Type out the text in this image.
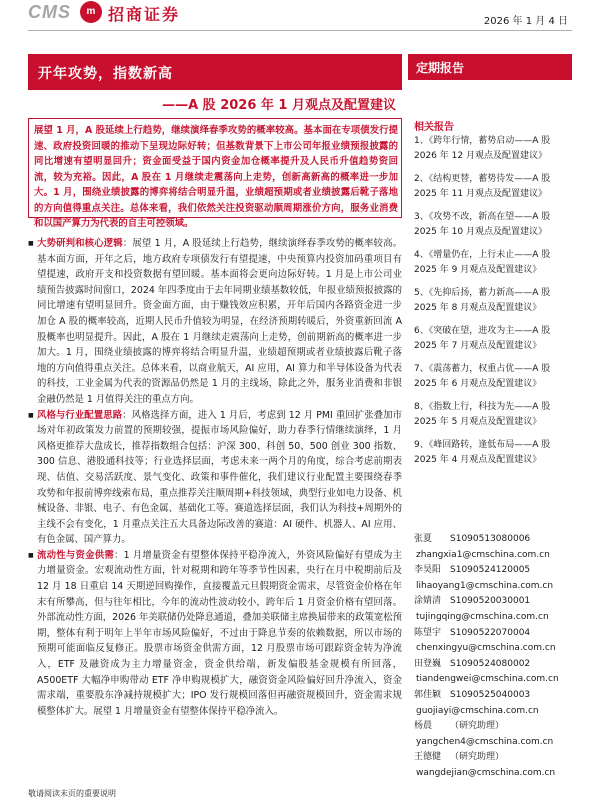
CMS	m 招商证券	2026 年 1 月 4 日
开年攻势，指数新高	定期报告
——A 股 2026 年 1 月观点及配置建议

展望 1 月，A 股延续上行趋势，继续演绎春季攻势的概率较高。基本面在专项债发行提速、政府投资回暖的推动下呈现边际好转；但基数背景下上市公司年报业绩预报披露的同比增速有望明显回升；资金面受益于国内资金加仓概率提升及人民币升值趋势资回流，较为充裕。因此，A 股在 1 月继续走震荡向上走势，创新高新高的概率进一步加大。1 月，围绕业绩披露的博弈将结合明显升温，业绩超预期或者业绩披露后靴子落地的方向值得重点关注。总体来看，我们依然关注投资驱动顺周期涨价方向，服务业消费和以国产算力为代表的自主可控领域。

■ 大势研判和核心逻辑：展望 1 月，A 股延续上行趋势，继续演绎春季攻势的概率较高。基本面方面，开年之后，地方政府专项债发行有望提速，中央预算内投资加码重项目有望提速，政府开支和投资数据有望回暖。基本面将会更向边际好转。1 月是上市公司业绩预告披露时间窗口，2024 年四季度由于去年同期业绩基数较低，年报业绩预报披露的同比增速有望明显回升。资金面方面，由于赚钱效应积累，开年后国内各路资金进一步加仓 A 股的概率较高，近期人民币升值较为明显，在经济预期转暖后，外资重新回流 A 股概率也明显提升。因此，A 股在 1 月继续走震荡向上走势，创前期新高的概率进一步加大。1 月，围绕业绩披露的博弈将结合明显升温，业绩超预期或者业绩披露后靴子落地的方向值得重点关注。总体来看，以商业航天，AI 应用，AI 算力和半导体设备为代表的科技，工业金属为代表的资源品仍然是 1 月的主线场，除此之外，服务业消费和非银金融仍然是 1 月值得关注的重点方向。

■ 风格与行业配置思路：风格选择方面，进入 1 月后，考虑到 12 月 PMI 重回扩张叠加市场对年初政策发力前置的预期较强，提振市场风险偏好，助力春季行情继续演绎，1 月风格更推荐大盘成长，推荐指数组合包括：沪深 300、科创 50、500 创业 300 指数、300 信息、港股通科技等；行业选择层面，考虑未来一两个月的角度，综合考虑前期表现、估值、交易活跃度、景气变化、政策和事件催化，我们建议行业配置主要围绕春季攻势和年报前博弈线索布局，重点推荐关注顺周期+科技领域，典型行业如电力设备、机械设备、非银、电子、有色金属、基础化工等。赛道选择层面，我们认为科技+周期外的主线不会有变化，1 月重点关注五大具备边际改善的赛道：AI 硬件、机器人、AI 应用、有色金属、国产算力。

■ 流动性与资金供需：1 月增量资金有望整体保持平稳净流入，外资风险偏好有望成为主力增量资金。宏观流动性方面，针对税期和跨年等季节性因素，央行在月中税期前后及 12 月 18 日重启 14 天期逆回购操作，直接覆盖元旦假期资金需求，尽管资金价格在年末有所攀高，但与往年相比，今年的流动性波动较小，跨年后 1 月资金价格有望回落。外部流动性方面，2026 年美联储仍处降息通道，叠加美联储主席换届带来的政策宽松预期，整体有利于明年上半年市场风险偏好，不过由于降息节奏的依赖数据，所以市场的预期可能面临反复修正。股票市场资金供需方面，12 月股票市场可跟踪资金转为净流入，ETF 及融资成为主力增量资金，资金供给端，新发偏股基金规模有所回落，A500ETF 大幅净申购带动 ETF 净申购规模扩大，融资资金风险偏好回升净流入，资金需求端，重要股东净减持规模扩大；IPO 发行规模回落但再融资规模回升，资金需求规模整体扩大。展望 1 月增量资金有望整体保持平稳净流入。

相关报告

1、《跨年行情，蓄势启动——A 股 2026 年 12 月观点及配置建议》

2、《结构更替，蓄势待发——A 股 2025 年 11 月观点及配置建议》

3、《攻势不改，新高在望——A 股 2025 年 10 月观点及配置建议》

4、《增量仍在，上行未止——A 股 2025 年 9 月观点及配置建议》

5、《先抑后扬，蓄力新高——A 股 2025 年 8 月观点及配置建议》

6、《突破在望，进攻为主——A 股 2025 年 7 月观点及配置建议》

7、《震荡蓄力，权重占优——A 股 2025 年 6 月观点及配置建议》

8、《指数上行，科技为先——A 股 2025 年 5 月观点及配置建议》

9、《峰回路转，逢低布局——A 股 2025 年 4 月观点及配置建议》

张夏 S1090513080006
zhangxia1@cmschina.com.cn
李昊阳 S1090524120005
lihaoyang1@cmschina.com.cn
涂婧清 S1090520030001
tujingqing@cmschina.com.cn
陈望宇 S1090522070004
chenxingyu@cmschina.com.cn
田登巍 S1090524080002
tiandengwei@cmschina.com.cn
郭佳颖 S1090525040003
guojiayi@cmschina.com.cn
杨晨 （研究助理）
yangchen4@cmschina.com.cn
王德健 （研究助理）
wangdejian@cmschina.com.cn
敬请阅读末页的重要说明
